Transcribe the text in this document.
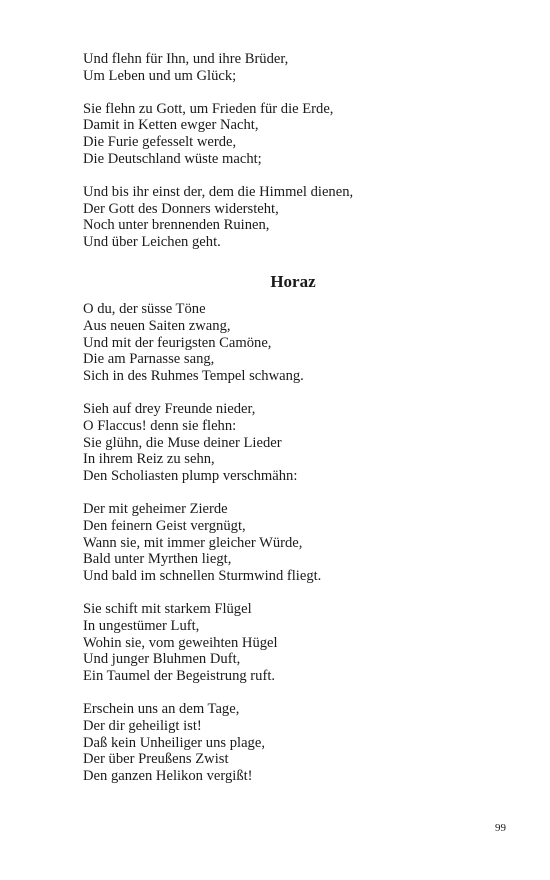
Und flehn für Ihn, und ihre Brüder,
Um Leben und um Glück;
Sie flehn zu Gott, um Frieden für die Erde,
Damit in Ketten ewger Nacht,
Die Furie gefesselt werde,
Die Deutschland wüste macht;
Und bis ihr einst der, dem die Himmel dienen,
Der Gott des Donners widersteht,
Noch unter brennenden Ruinen,
Und über Leichen geht.
Horaz
O du, der süsse Töne
Aus neuen Saiten zwang,
Und mit der feurigsten Camöne,
Die am Parnasse sang,
Sich in des Ruhmes Tempel schwang.
Sieh auf drey Freunde nieder,
O Flaccus! denn sie flehn:
Sie glühn, die Muse deiner Lieder
In ihrem Reiz zu sehn,
Den Scholiasten plump verschmähn:
Der mit geheimer Zierde
Den feinern Geist vergnügt,
Wann sie, mit immer gleicher Würde,
Bald unter Myrthen liegt,
Und bald im schnellen Sturmwind fliegt.
Sie schift mit starkem Flügel
In ungestümer Luft,
Wohin sie, vom geweihten Hügel
Und junger Bluhmen Duft,
Ein Taumel der Begeistrung ruft.
Erschein uns an dem Tage,
Der dir geheiligt ist!
Daß kein Unheiliger uns plage,
Der über Preußens Zwist
Den ganzen Helikon vergißt!
99
